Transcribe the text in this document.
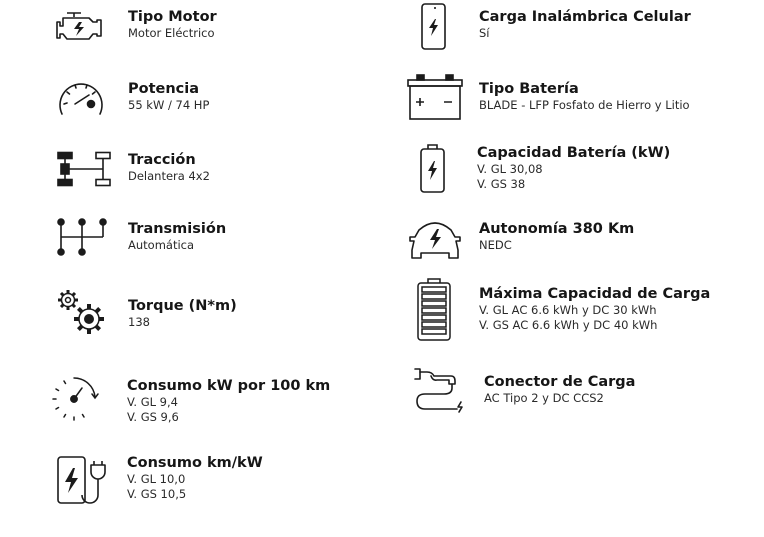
Tipo Motor
Motor Eléctrico
Potencia
55 kW / 74 HP
Tracción
Delantera 4x2
Transmisión
Automática
Torque (N*m)
138
Consumo kW por 100 km
V. GL 9,4
V. GS 9,6
Consumo km/kW
V. GL 10,0
V. GS 10,5
Carga Inalámbrica Celular
Sí
Tipo Batería
BLADE - LFP Fosfato de Hierro y Litio
Capacidad Batería (kW)
V. GL 30,08
V. GS 38
Autonomía 380 Km
NEDC
Máxima Capacidad de Carga
V. GL AC 6.6 kWh y DC 30 kWh
V. GS AC 6.6 kWh y DC 40 kWh
Conector de Carga
AC Tipo 2 y DC CCS2
